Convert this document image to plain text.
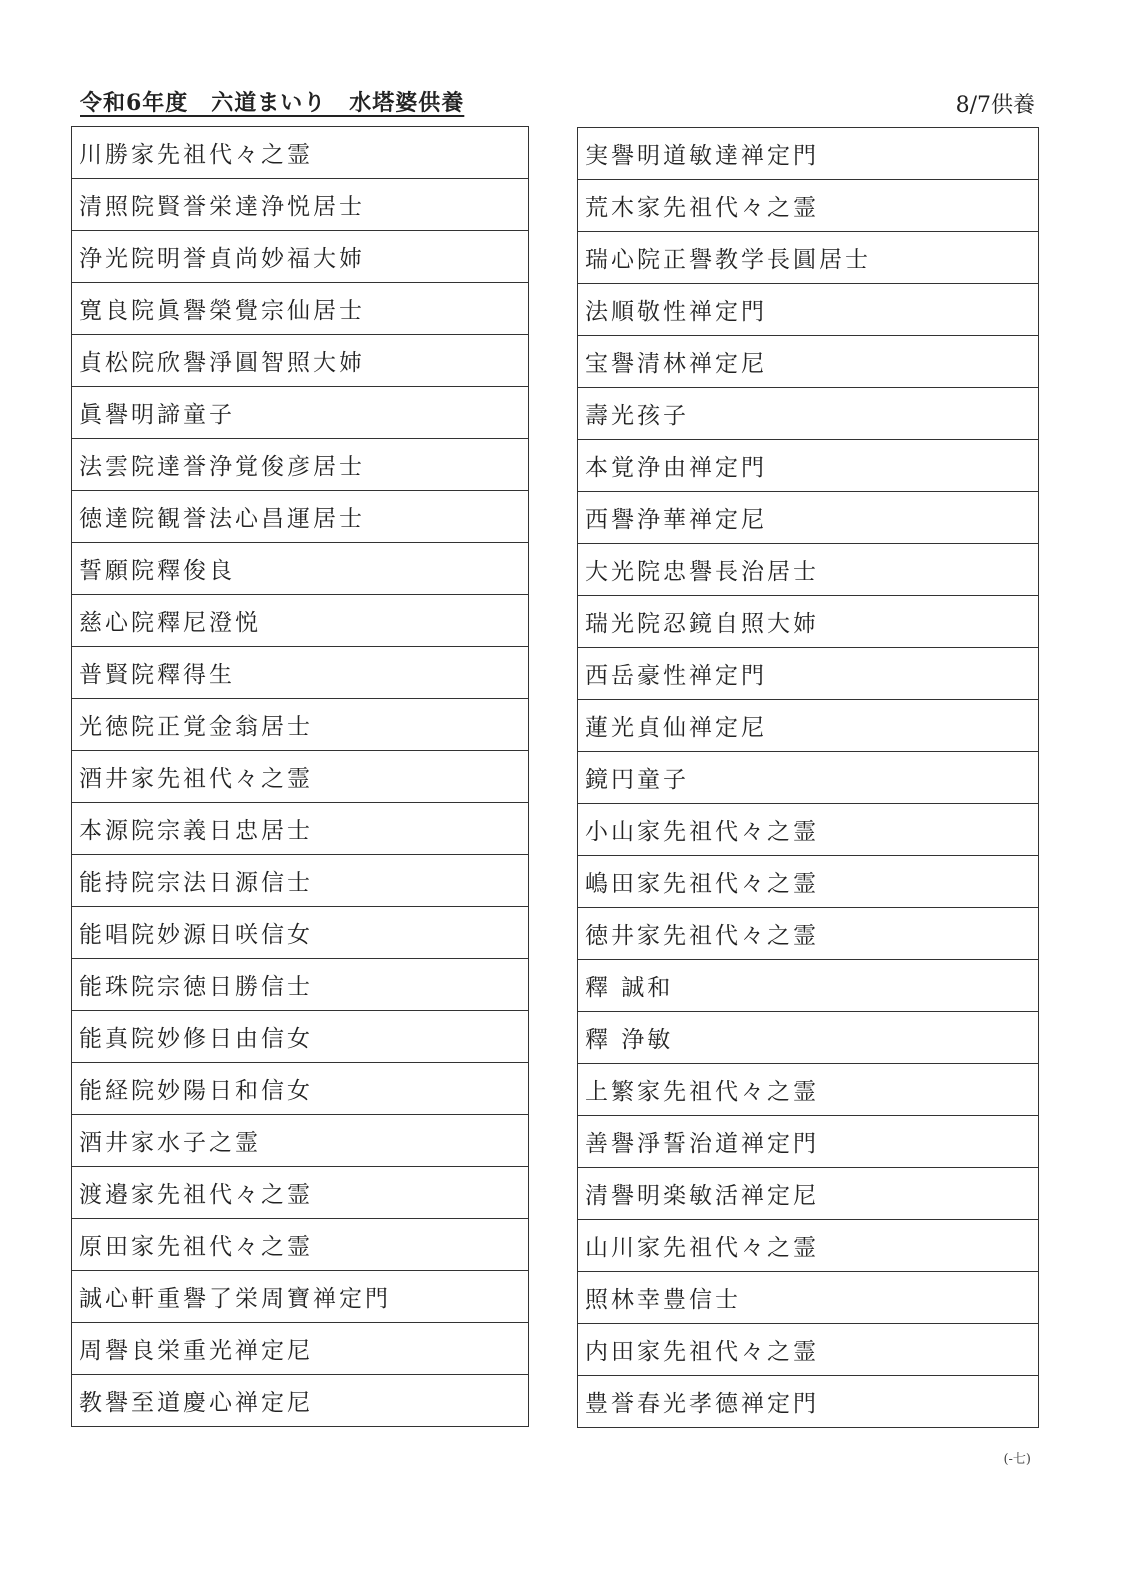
令和6年度　六道まいり　水塔婆供養	8/7供養
川勝家先祖代々之霊
清照院賢誉栄達浄悦居士
浄光院明誉貞尚妙福大姉
寛良院眞譽榮覺宗仙居士
貞松院欣譽淨圓智照大姉
眞譽明諦童子
法雲院達誉浄覚俊彦居士
徳達院観誉法心昌運居士
誓願院釋俊良
慈心院釋尼澄悦
普賢院釋得生
光徳院正覚金翁居士
酒井家先祖代々之霊
本源院宗義日忠居士
能持院宗法日源信士
能唱院妙源日咲信女
能珠院宗徳日勝信士
能真院妙修日由信女
能経院妙陽日和信女
酒井家水子之霊
渡邉家先祖代々之霊
原田家先祖代々之霊
誠心軒重譽了栄周寶禅定門
周譽良栄重光禅定尼
教譽至道慶心禅定尼
実譽明道敏達禅定門
荒木家先祖代々之霊
瑞心院正譽教学長圓居士
法順敬性禅定門
宝譽清林禅定尼
壽光孩子
本覚浄由禅定門
西譽浄華禅定尼
大光院忠譽長治居士
瑞光院忍鏡自照大姉
西岳豪性禅定門
蓮光貞仙禅定尼
鏡円童子
小山家先祖代々之霊
嶋田家先祖代々之霊
徳井家先祖代々之霊
釋 誠和
釋 浄敏
上繁家先祖代々之霊
善譽淨誓治道禅定門
清譽明楽敏活禅定尼
山川家先祖代々之霊
照林幸豊信士
内田家先祖代々之霊
豊誉春光孝德禅定門
(-七)
